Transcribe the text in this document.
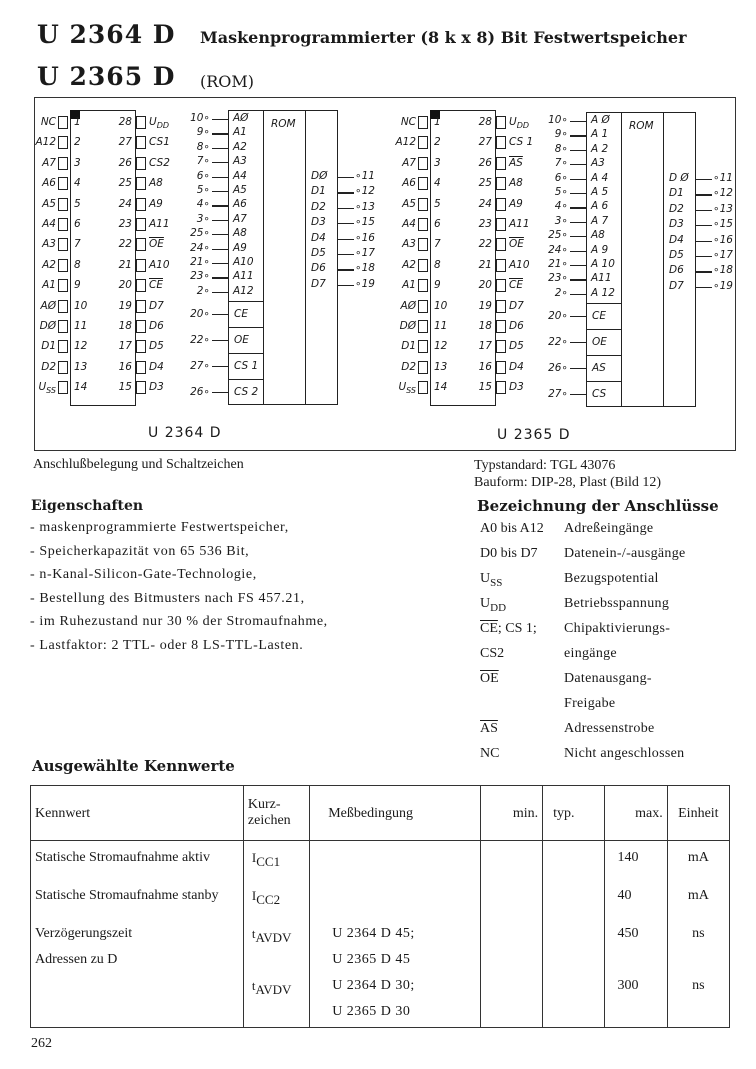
U 2364 D Maskenprogrammierter (8 k x 8) Bit Festwertspeicher
U 2365 D (ROM)
NC 1
A12 2
A7 3
A6 4
A5 5
A4 6
A3 7
A2 8
A1 9
AØ 10
DØ 11
D1 12
D2 13
$U_{SS}$ 14
28 $U_{DD}$
27 CS1
26 CS2
25 A8
24 A9
23 A11
22 $\overline{OE}$
21 A10
20 $\overline{CE}$
19 D7
18 D6
17 D5
16 D4
15 D3
ROM
AØ
10∘
A1
9∘
A2
8∘
A3
7∘
A4
6∘
A5
5∘
A6
4∘
A7
3∘
A8
25∘
A9
24∘
A10
21∘
A11
23∘
A12
2∘
CE
20∘
OE
22∘
CS 1
27∘
CS 2
26∘
DØ	∘11
D1	∘12
D2	∘13
D3	∘15
D4	∘16
D5	∘17
D6	∘18
D7	∘19
NC 1
A12 2
A7 3
A6 4
A5 5
A4 6
A3 7
A2 8
A1 9
AØ 10
DØ 11
D1 12
D2 13
$U_{SS}$ 14
28 $U_{DD}$
27 CS 1
26 $\overline{AS}$
25 A8
24 A9
23 A11
22 $\overline{OE}$
21 A10
20 $\overline{CE}$
19 D7
18 D6
17 D5
16 D4
15 D3
ROM
A Ø
10∘
A 1
9∘
A 2
8∘
A3
7∘
A 4
6∘
A 5
5∘
A 6
4∘
A 7
3∘
A8
25∘
A 9
24∘
A 10
21∘
A11
23∘
A 12
2∘
CE
20∘
OE
22∘
AS
26∘
CS
27∘
D Ø ∘11
D1	∘12
D2	∘13
D3	∘15
D4	∘16
D5	∘17
D6	∘18
D7	∘19
U 2364 D	U 2365 D
Anschlußbelegung und Schaltzeichen	Typstandard: TGL 43076
Bauform: DIP-28, Plast (Bild 12)
Eigenschaften
- maskenprogrammierte Festwertspeicher,
- Speicherkapazität von 65 536 Bit,
- n-Kanal-Silicon-Gate-Technologie,
- Bestellung des Bitmusters nach FS 457.21,
- im Ruhezustand nur 30 % der Stromaufnahme,
- Lastfaktor: 2 TTL- oder 8 LS-TTL-Lasten.
Bezeichnung der Anschlüsse
A0 bis A12 Adreßeingänge
D0 bis D7 Datenein-/-ausgänge
$U_{SS}$	Bezugspotential
$U_{DD}$	Betriebsspannung
$\overline{CE}$; CS 1; Chipaktivierungs-
CS2	eingänge
$\overline{OE}$	Datenausgang-
Freigabe
$\overline{AS}$	Adressenstrobe
NC	Nicht angeschlossen
Ausgewählte Kennwerte
Kennwert	Kurz-
zeichen	Meßbedingung	min.	typ.	max.	Einheit
Statische Stromaufnahme aktiv	$I_{CC1}$				140	mA
Statische Stromaufnahme stanby	$I_{CC2}$				40	mA
Verzögerungszeit	$t_{AVDV}$	U 2364 D 45;			450	ns
Adressen zu D		U 2365 D 45				
	$t_{AVDV}$	U 2364 D 30;			300	ns
		U 2365 D 30				
262
